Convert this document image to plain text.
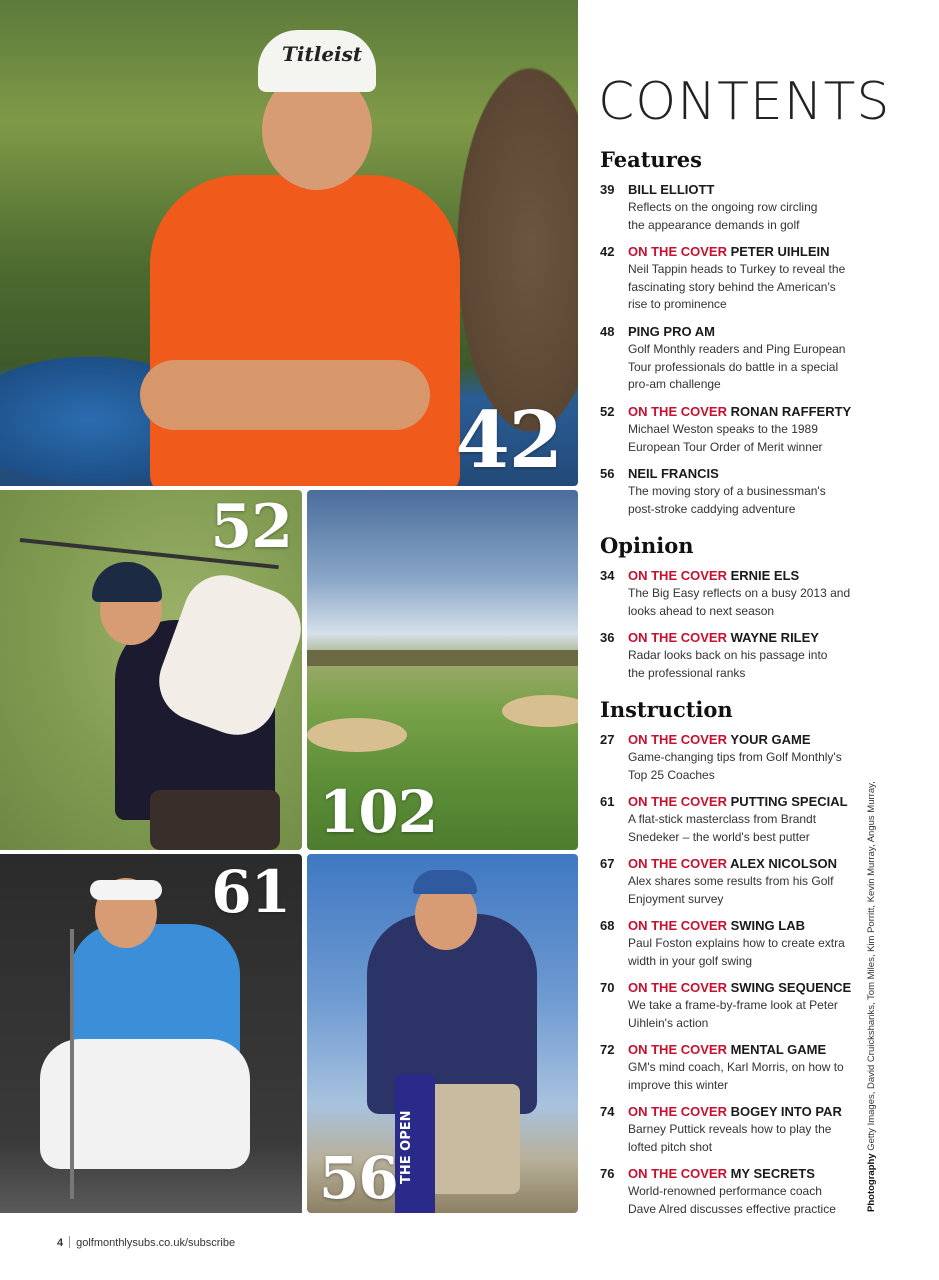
Titleist
42
52
102
61
THE OPEN
56
CONTENTS
Features
39 BILL ELLIOTT
Reflects on the ongoing row circling
the appearance demands in golf
42 ON THE COVER PETER UIHLEIN
Neil Tappin heads to Turkey to reveal the
fascinating story behind the American's
rise to prominence
48 PING PRO AM
Golf Monthly readers and Ping European
Tour professionals do battle in a special
pro-am challenge
52 ON THE COVER RONAN RAFFERTY
Michael Weston speaks to the 1989
European Tour Order of Merit winner
56 NEIL FRANCIS
The moving story of a businessman's
post-stroke caddying adventure
Opinion
34 ON THE COVER ERNIE ELS
The Big Easy reflects on a busy 2013 and
looks ahead to next season
36 ON THE COVER WAYNE RILEY
Radar looks back on his passage into
the professional ranks
Instruction
27 ON THE COVER YOUR GAME
Game-changing tips from Golf Monthly's
Top 25 Coaches
61 ON THE COVER PUTTING SPECIAL
A flat-stick masterclass from Brandt
Snedeker – the world's best putter
67 ON THE COVER ALEX NICOLSON
Alex shares some results from his Golf
Enjoyment survey
68 ON THE COVER SWING LAB
Paul Foston explains how to create extra
width in your golf swing
70 ON THE COVER SWING SEQUENCE
We take a frame-by-frame look at Peter
Uihlein's action
72 ON THE COVER MENTAL GAME
GM's mind coach, Karl Morris, on how to
improve this winter
74 ON THE COVER BOGEY INTO PAR
Barney Puttick reveals how to play the
lofted pitch shot
76 ON THE COVER MY SECRETS
World-renowned performance coach
Dave Alred discusses effective practice	Photography Getty Images, David Cruickshanks, Tom Miles, Kim Porritt, Kevin Murray, Angus Murray,
4 golfmonthlysubs.co.uk/subscribe
